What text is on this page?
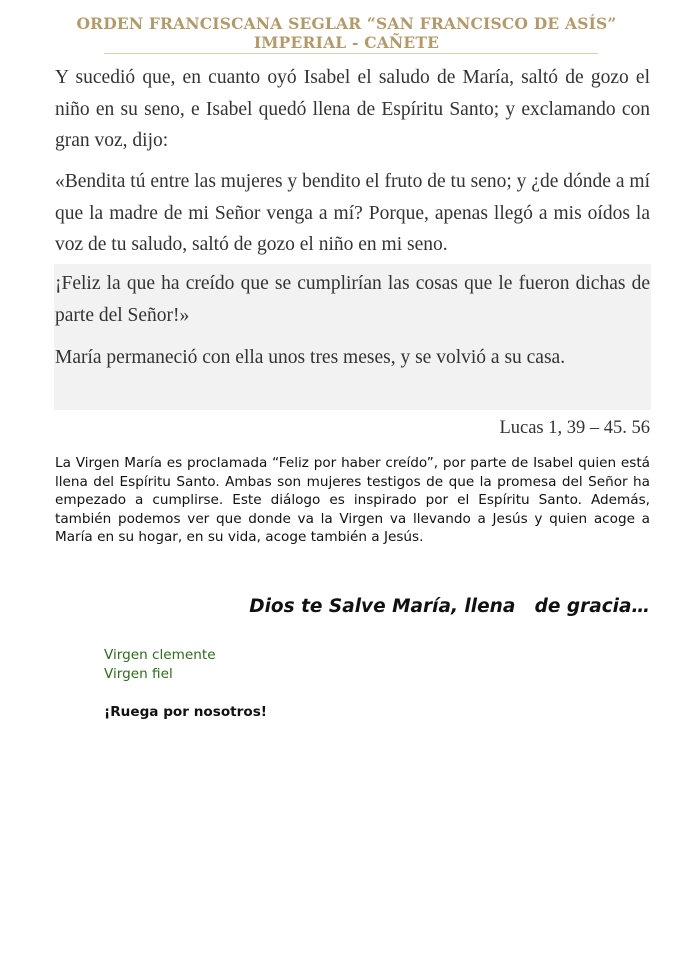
ORDEN FRANCISCANA SEGLAR “SAN FRANCISCO DE ASÍS”
IMPERIAL - CAÑETE

Y sucedió que, en cuanto oyó Isabel el saludo de María, saltó de gozo el niño en su seno, e Isabel quedó llena de Espíritu Santo; y exclamando con gran voz, dijo:

«Bendita tú entre las mujeres y bendito el fruto de tu seno; y ¿de dónde a mí que la madre de mi Señor venga a mí? Porque, apenas llegó a mis oídos la voz de tu saludo, saltó de gozo el niño en mi seno.

¡Feliz la que ha creído que se cumplirían las cosas que le fueron dichas de parte del Señor!»

María permaneció con ella unos tres meses, y se volvió a su casa.

Lucas 1, 39 – 45. 56

La Virgen María es proclamada “Feliz por haber creído”, por parte de Isabel quien está llena del Espíritu Santo. Ambas son mujeres testigos de que la promesa del Señor ha empezado a cumplirse. Este diálogo es inspirado por el Espíritu Santo. Además, también podemos ver que donde va la Virgen va llevando a Jesús y quien acoge a María en su hogar, en su vida, acoge también a Jesús.

Dios te Salve María, llena   de gracia…
Virgen clemente
Virgen fiel
¡Ruega por nosotros!
